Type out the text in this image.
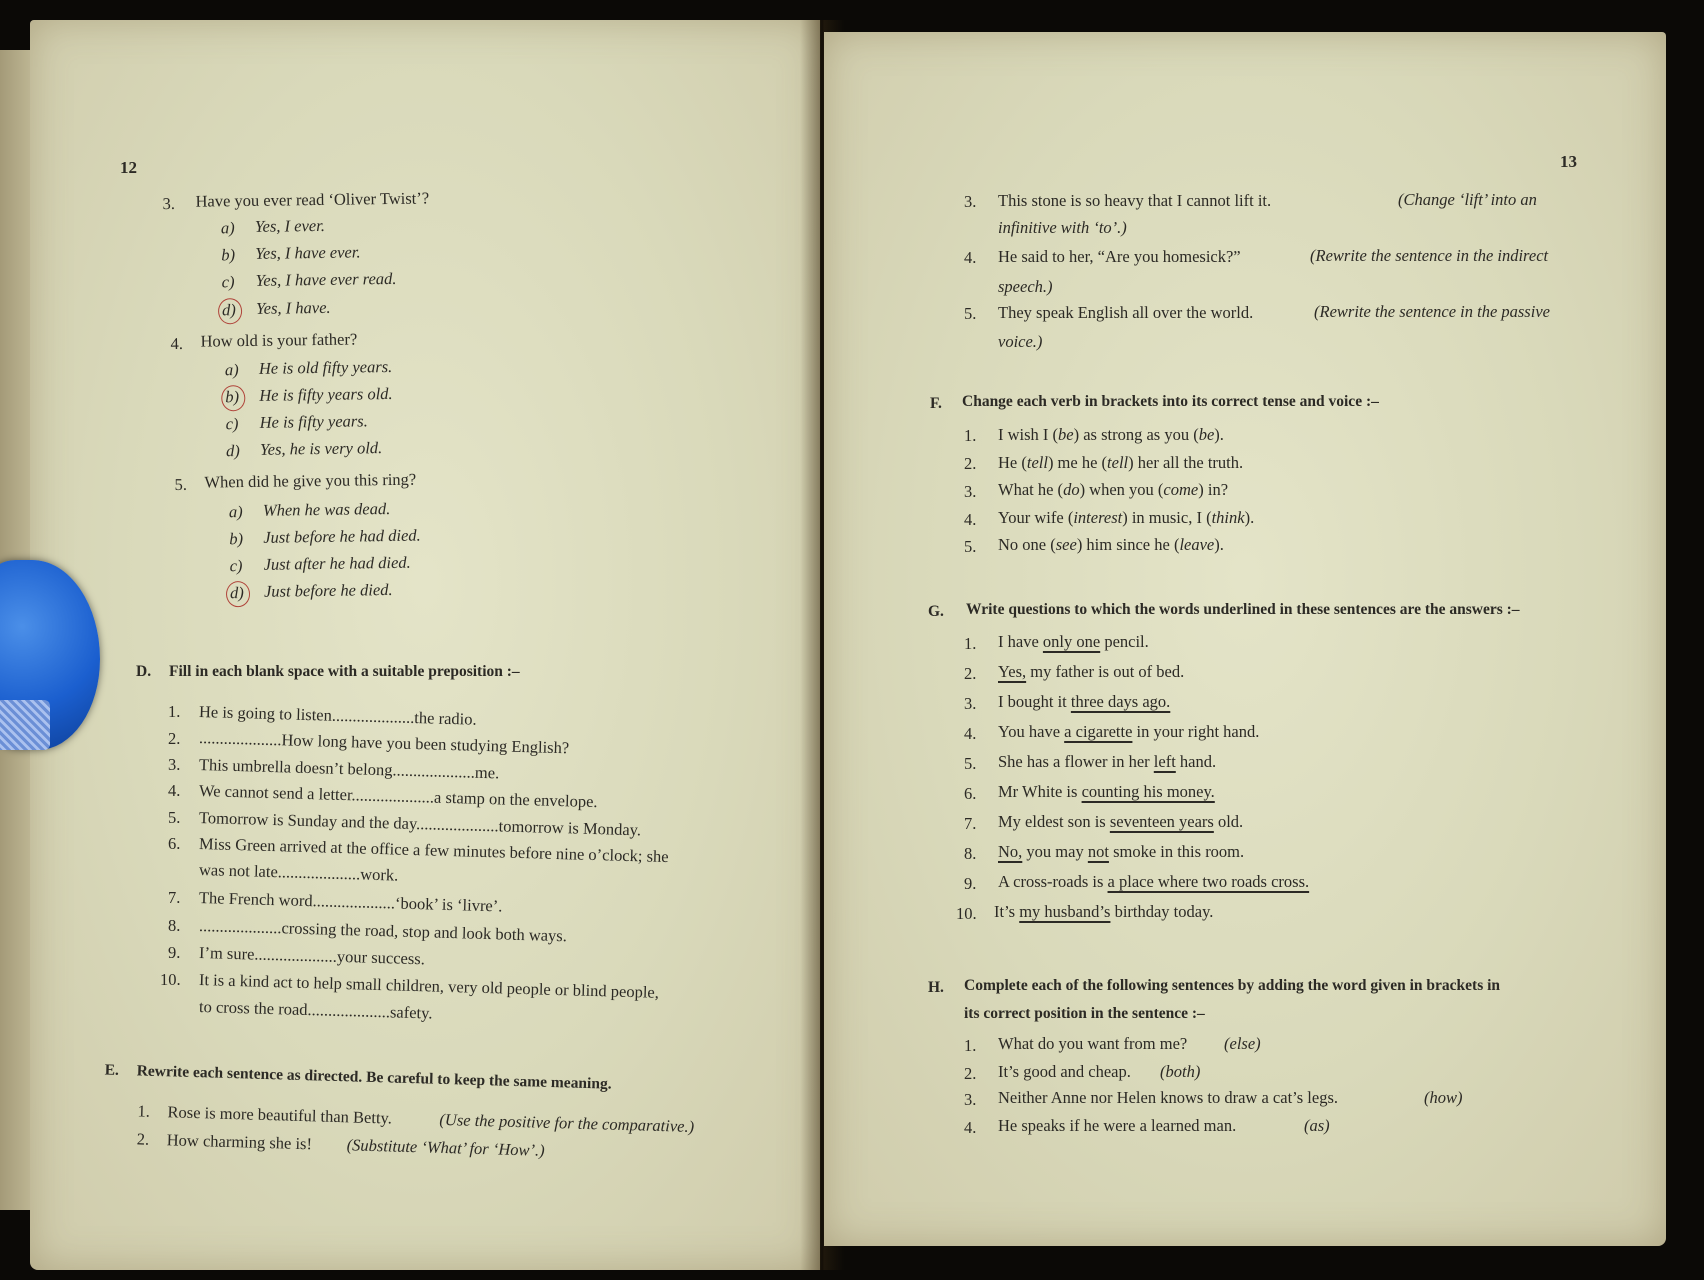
12
3. Have you ever read ‘Oliver Twist’?
a) Yes, I ever.
b) Yes, I have ever.
c) Yes, I have ever read.
d) Yes, I have.
4. How old is your father?
a) He is old fifty years.
b) He is fifty years old.
c) He is fifty years.
d) Yes, he is very old.
5. When did he give you this ring?
a) When he was dead.
b) Just before he had died.
c) Just after he had died.
d) Just before he died.
D. Fill in each blank space with a suitable preposition :–
1. He is going to listen....................the radio.
2. ....................How long have you been studying English?
3. This umbrella doesn’t belong....................me.
4. We cannot send a letter....................a stamp on the envelope.
5. Tomorrow is Sunday and the day....................tomorrow is Monday.
6. Miss Green arrived at the office a few minutes before nine o’clock; she
was not late....................work.
7. The French word....................‘book’ is ‘livre’.
8. ....................crossing the road, stop and look both ways.
9. I’m sure....................your success.
10. It is a kind act to help small children, very old people or blind people,
to cross the road....................safety.
E. Rewrite each sentence as directed. Be careful to keep the same meaning.
1. Rose is more beautiful than Betty.	(Use the positive for the comparative.)
2. How charming she is! (Substitute ‘What’ for ‘How’.)
13
3. This stone is so heavy that I cannot lift it.	(Change ‘lift’ into an
infinitive with ‘to’.)
4. He said to her, “Are you homesick?”	(Rewrite the sentence in the indirect
speech.)
5. They speak English all over the world.	(Rewrite the sentence in the passive
voice.)
F. Change each verb in brackets into its correct tense and voice :–
1. I wish I (be) as strong as you (be).
2. He (tell) me he (tell) her all the truth.
3. What he (do) when you (come) in?
4. Your wife (interest) in music, I (think).
5. No one (see) him since he (leave).
G. Write questions to which the words underlined in these sentences are the answers :–
1. I have only one pencil.
2. Yes, my father is out of bed.
3. I bought it three days ago.
4. You have a cigarette in your right hand.
5. She has a flower in her left hand.
6. Mr White is counting his money.
7. My eldest son is seventeen years old.
8. No, you may not smoke in this room.
9. A cross-roads is a place where two roads cross.
10. It’s my husband’s birthday today.
H. Complete each of the following sentences by adding the word given in brackets in
its correct position in the sentence :–
1. What do you want from me? (else)
2. It’s good and cheap. (both)
3. Neither Anne nor Helen knows to draw a cat’s legs.	(how)
4. He speaks if he were a learned man.	(as)
